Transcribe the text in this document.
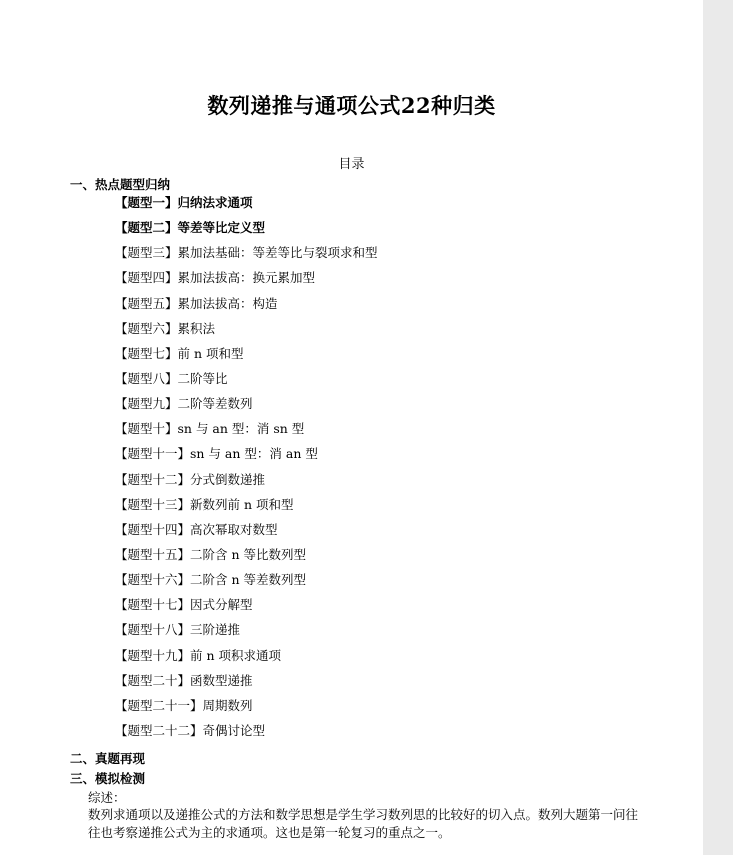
数列递推与通项公式22种归类
目录
一、热点题型归纳
【题型一】归纳法求通项
【题型二】等差等比定义型
【题型三】累加法基础：等差等比与裂项求和型
【题型四】累加法拔高：换元累加型
【题型五】累加法拔高：构造
【题型六】累积法
【题型七】前 n 项和型
【题型八】二阶等比
【题型九】二阶等差数列
【题型十】sn 与 an 型：消 sn 型
【题型十一】sn 与 an 型：消 an 型
【题型十二】分式倒数递推
【题型十三】新数列前 n 项和型
【题型十四】高次幂取对数型
【题型十五】二阶含 n 等比数列型
【题型十六】二阶含 n 等差数列型
【题型十七】因式分解型
【题型十八】三阶递推
【题型十九】前 n 项积求通项
【题型二十】函数型递推
【题型二十一】周期数列
【题型二十二】奇偶讨论型
二、真题再现
三、模拟检测
综述：
数列求通项以及递推公式的方法和数学思想是学生学习数列思的比较好的切入点。数列大题第一问往往也考察递推公式为主的求通项。这也是第一轮复习的重点之一。
